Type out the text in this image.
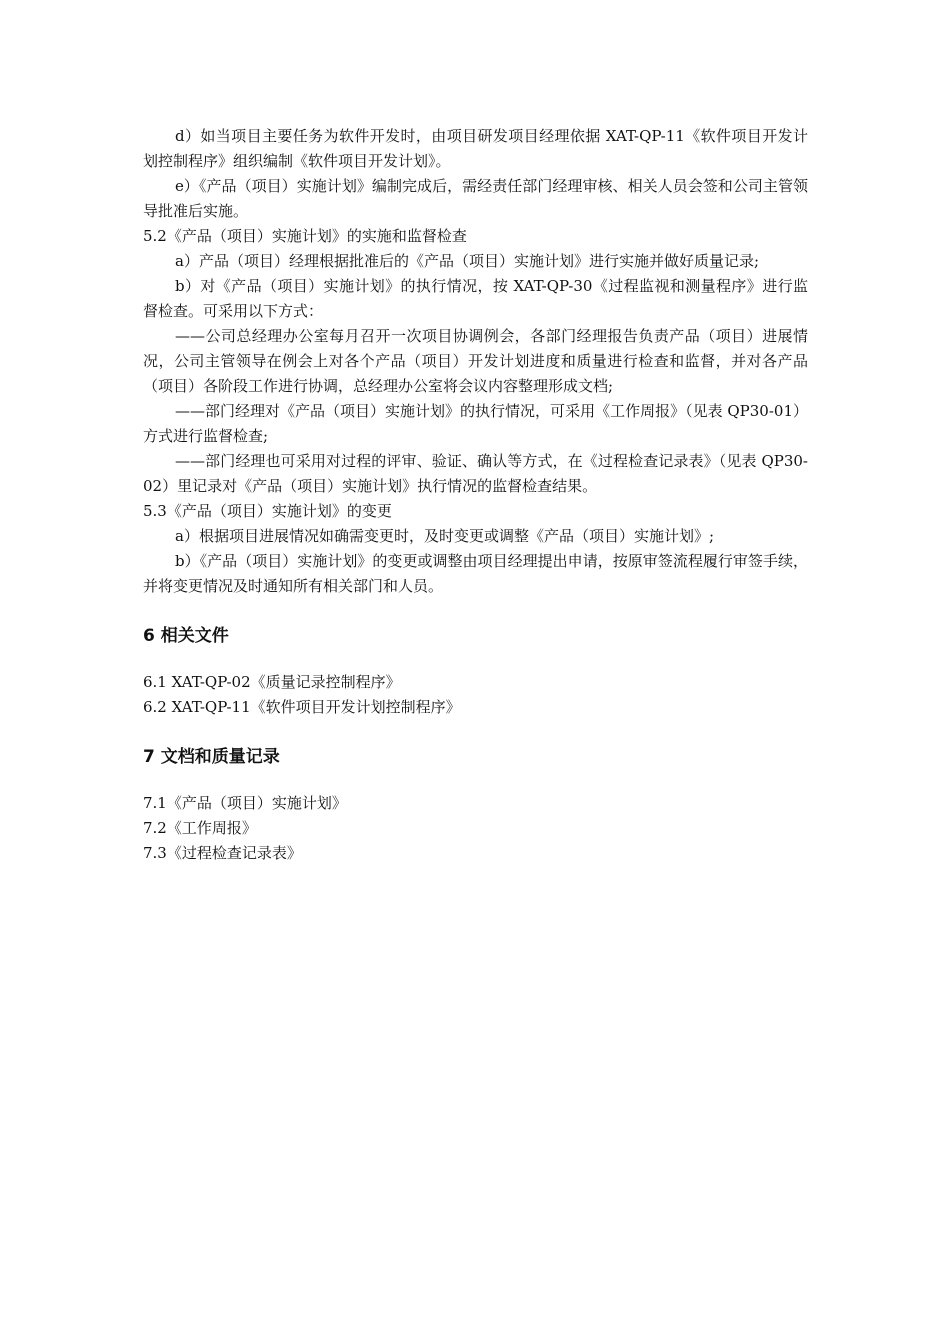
d）如当项目主要任务为软件开发时，由项目研发项目经理依据 XAT-QP-11《软件项目开发计划控制程序》组织编制《软件项目开发计划》。

e）《产品（项目）实施计划》编制完成后，需经责任部门经理审核、相关人员会签和公司主管领导批准后实施。

5.2《产品（项目）实施计划》的实施和监督检查

a）产品（项目）经理根据批准后的《产品（项目）实施计划》进行实施并做好质量记录;

b）对《产品（项目）实施计划》的执行情况，按 XAT-QP-30《过程监视和测量程序》进行监督检查。可采用以下方式：

——公司总经理办公室每月召开一次项目协调例会，各部门经理报告负责产品（项目）进展情况，公司主管领导在例会上对各个产品（项目）开发计划进度和质量进行检查和监督，并对各产品（项目）各阶段工作进行协调，总经理办公室将会议内容整理形成文档;

——部门经理对《产品（项目）实施计划》的执行情况，可采用《工作周报》（见表 QP30-01）方式进行监督检查;

——部门经理也可采用对过程的评审、验证、确认等方式，在《过程检查记录表》（见表 QP30-02）里记录对《产品（项目）实施计划》执行情况的监督检查结果。

5.3《产品（项目）实施计划》的变更

a）根据项目进展情况如确需变更时，及时变更或调整《产品（项目）实施计划》;

b）《产品（项目）实施计划》的变更或调整由项目经理提出申请，按原审签流程履行审签手续，并将变更情况及时通知所有相关部门和人员。

6 相关文件

6.1 XAT-QP-02《质量记录控制程序》

6.2 XAT-QP-11《软件项目开发计划控制程序》

7 文档和质量记录

7.1《产品（项目）实施计划》

7.2《工作周报》

7.3《过程检查记录表》
